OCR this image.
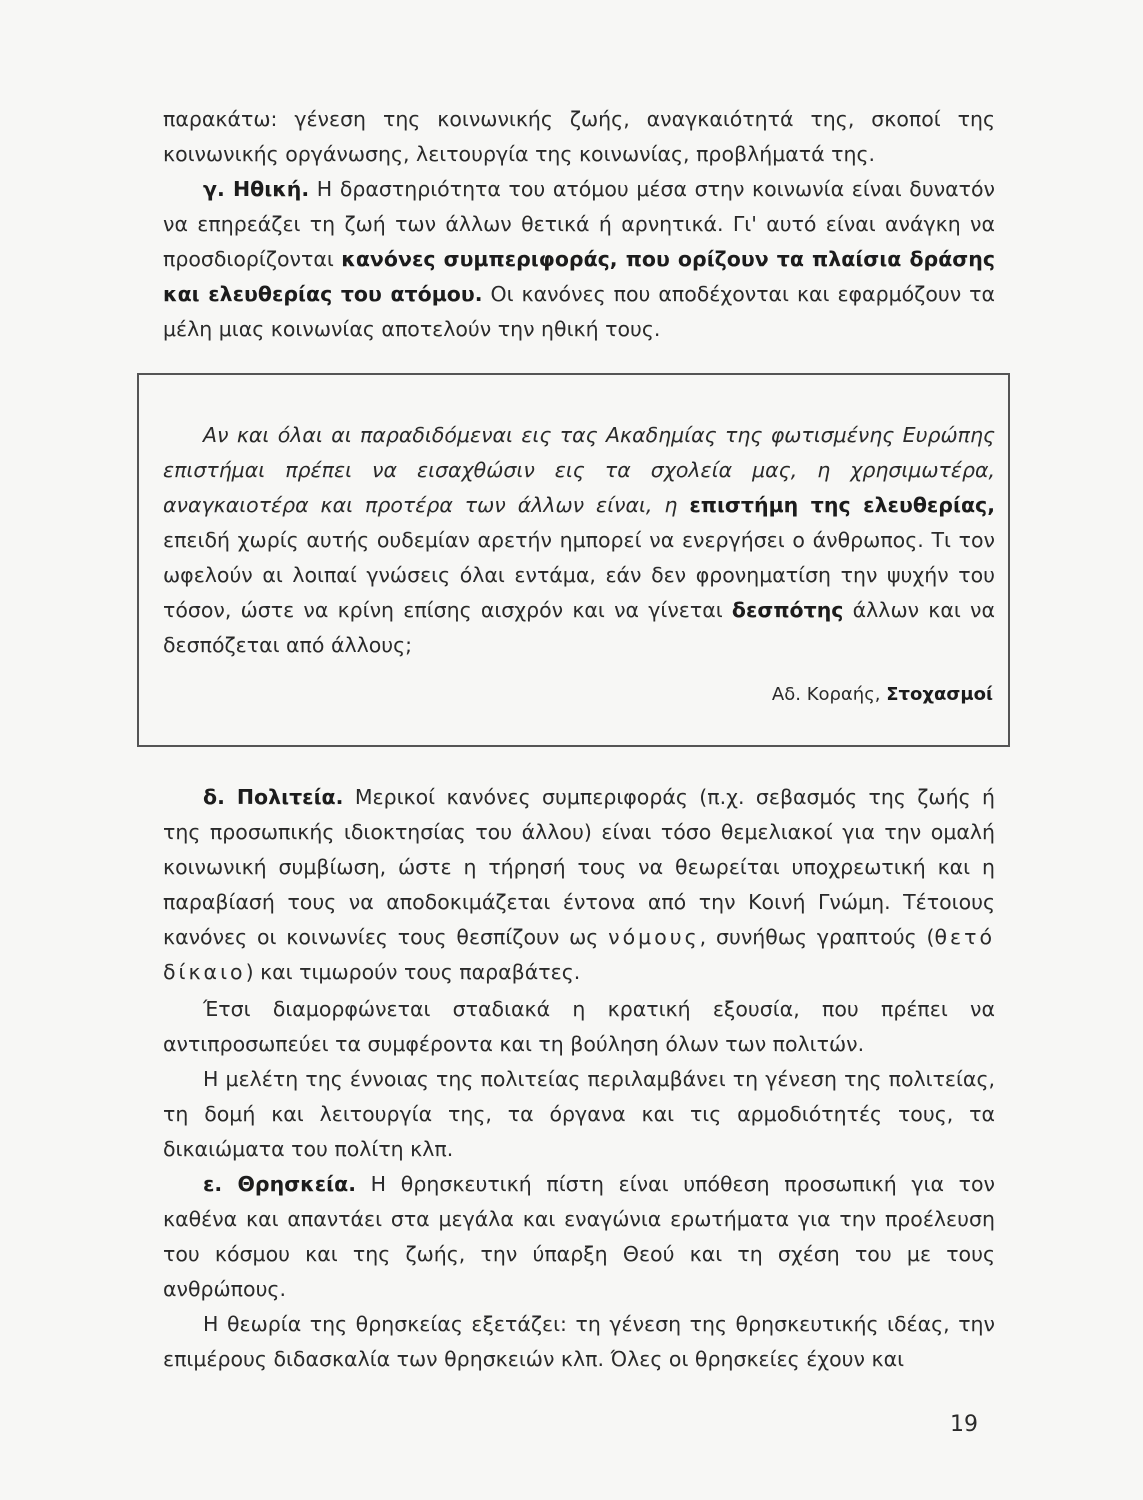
παρακάτω: γένεση της κοινωνικής ζωής, αναγκαιότητά της, σκοποί της κοινωνικής οργάνωσης, λειτουργία της κοινωνίας, προβλήματά της.

γ. Ηθική. Η δραστηριότητα του ατόμου μέσα στην κοινωνία είναι δυνατόν να επηρεάζει τη ζωή των άλλων θετικά ή αρνητικά. Γι' αυτό είναι ανάγκη να προσδιορίζονται κανόνες συμπεριφοράς, που ορίζουν τα πλαίσια δράσης και ελευθερίας του ατόμου. Οι κανόνες που αποδέχονται και εφαρμόζουν τα μέλη μιας κοινωνίας αποτελούν την ηθική τους.

Αν και όλαι αι παραδιδόμεναι εις τας Ακαδημίας της φωτισμένης Ευρώπης επιστήμαι πρέπει να εισαχθώσιν εις τα σχολεία μας, η χρησιμωτέρα, αναγκαιοτέρα και προτέρα των άλλων είναι, η επιστήμη της ελευθερίας, επειδή χωρίς αυτής ουδεμίαν αρετήν ημπορεί να ενεργήσει ο άνθρωπος. Τι τον ωφελούν αι λοιπαί γνώσεις όλαι εντάμα, εάν δεν φρονηματίση την ψυχήν του τόσον, ώστε να κρίνη επίσης αισχρόν και να γίνεται δεσπότης άλλων και να δεσπόζεται από άλλους;

Αδ. Κοραής, Στοχασμοί

δ. Πολιτεία. Μερικοί κανόνες συμπεριφοράς (π.χ. σεβασμός της ζωής ή της προσωπικής ιδιοκτησίας του άλλου) είναι τόσο θεμελιακοί για την ομαλή κοινωνική συμβίωση, ώστε η τήρησή τους να θεωρείται υποχρεωτική και η παραβίασή τους να αποδοκιμάζεται έντονα από την Κοινή Γνώμη. Τέτοιους κανόνες οι κοινωνίες τους θεσπίζουν ως νόμους, συνήθως γραπτούς (θετό δίκαιο) και τιμωρούν τους παραβάτες.

Έτσι διαμορφώνεται σταδιακά η κρατική εξουσία, που πρέπει να αντιπροσωπεύει τα συμφέροντα και τη βούληση όλων των πολιτών.

Η μελέτη της έννοιας της πολιτείας περιλαμβάνει τη γένεση της πολιτείας, τη δομή και λειτουργία της, τα όργανα και τις αρμοδιότητές τους, τα δικαιώματα του πολίτη κλπ.

ε. Θρησκεία. Η θρησκευτική πίστη είναι υπόθεση προσωπική για τον καθένα και απαντάει στα μεγάλα και εναγώνια ερωτήματα για την προέλευση του κόσμου και της ζωής, την ύπαρξη Θεού και τη σχέση του με τους ανθρώπους.

Η θεωρία της θρησκείας εξετάζει: τη γένεση της θρησκευτικής ιδέας, την επιμέρους διδασκαλία των θρησκειών κλπ. Όλες οι θρησκείες έχουν και

19
